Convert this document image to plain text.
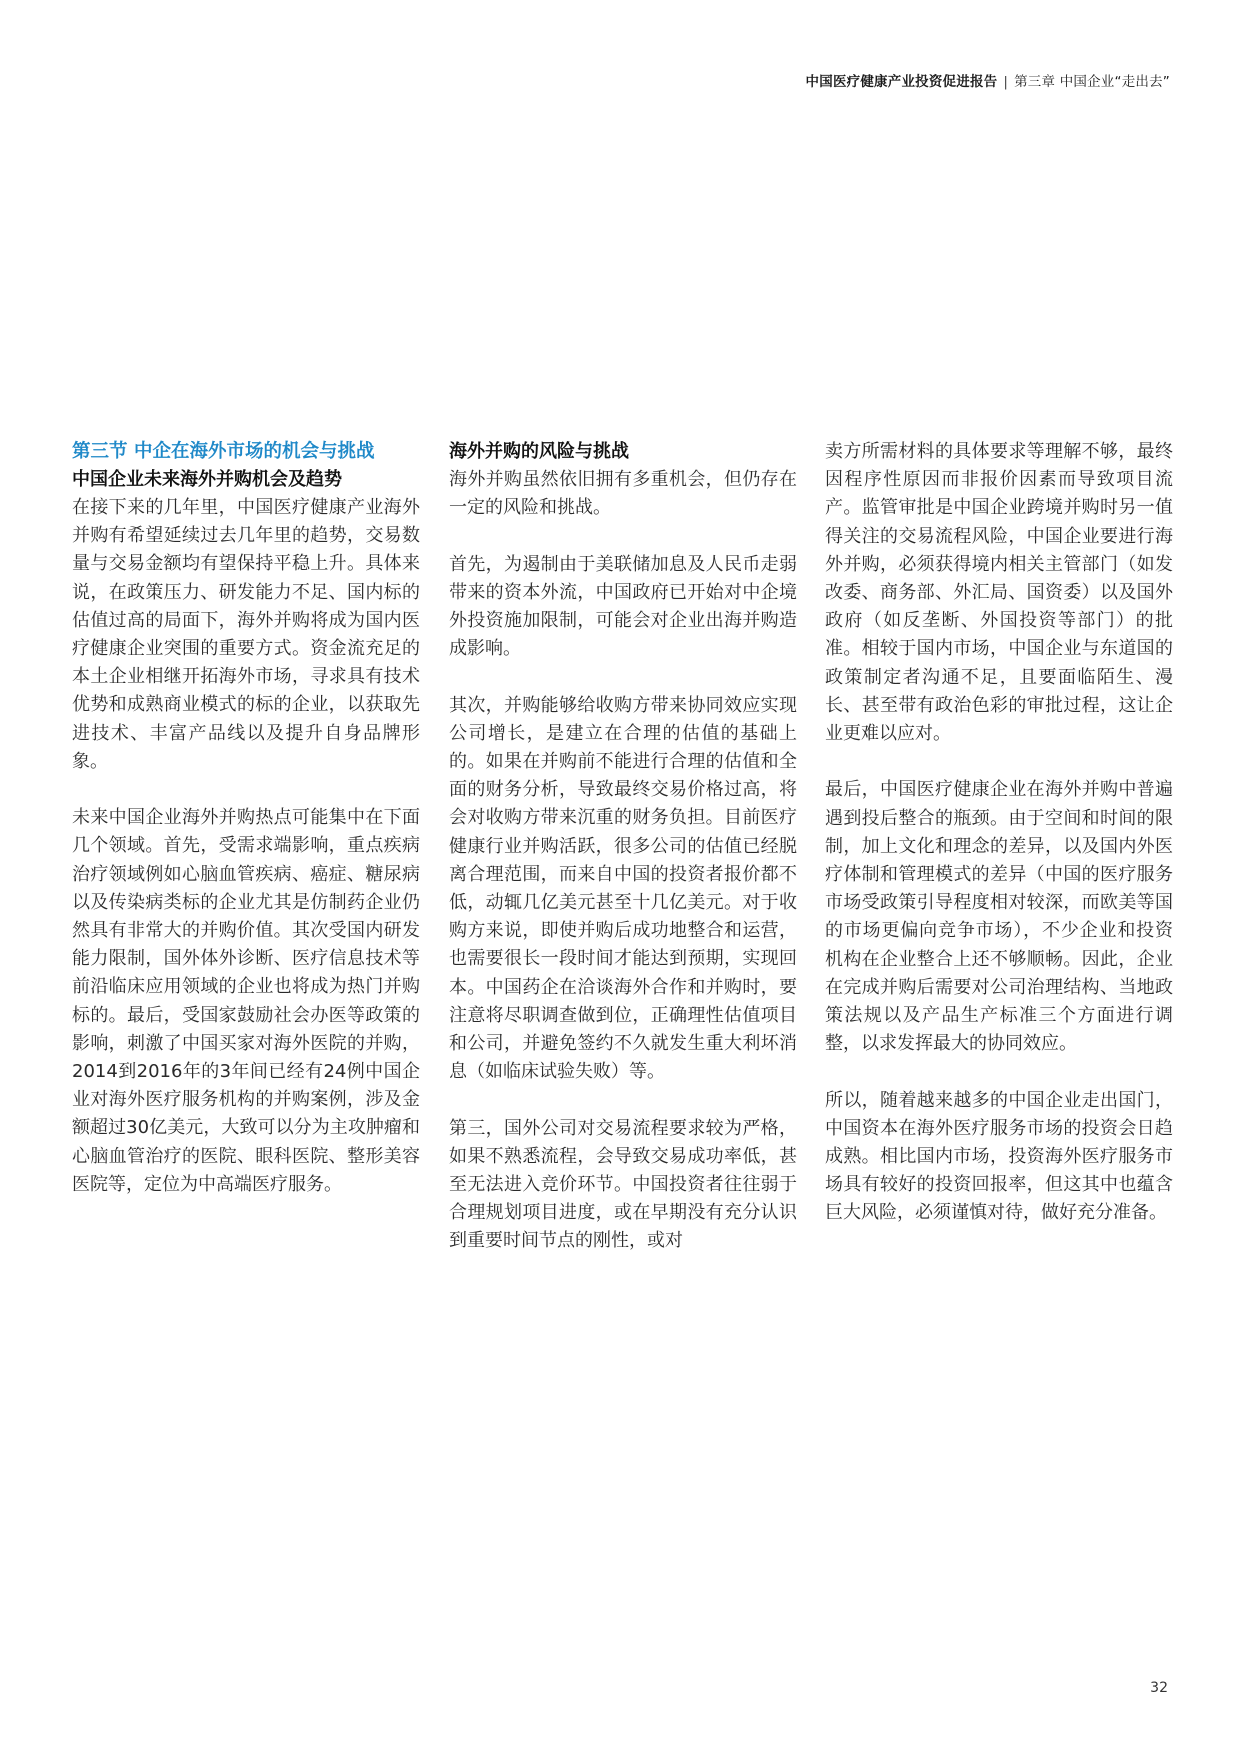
中国医疗健康产业投资促进报告 | 第三章 中国企业“走出去”
第三节 中企在海外市场的机会与挑战
中国企业未来海外并购机会及趋势

在接下来的几年里，中国医疗健康产业海外并购有希望延续过去几年里的趋势，交易数量与交易金额均有望保持平稳上升。具体来说，在政策压力、研发能力不足、国内标的估值过高的局面下，海外并购将成为国内医疗健康企业突围的重要方式。资金流充足的本土企业相继开拓海外市场，寻求具有技术优势和成熟商业模式的标的企业，以获取先进技术、丰富产品线以及提升自身品牌形象。

未来中国企业海外并购热点可能集中在下面几个领域。首先，受需求端影响，重点疾病治疗领域例如心脑血管疾病、癌症、糖尿病以及传染病类标的企业尤其是仿制药企业仍然具有非常大的并购价值。其次受国内研发能力限制，国外体外诊断、医疗信息技术等前沿临床应用领域的企业也将成为热门并购标的。最后，受国家鼓励社会办医等政策的影响，刺激了中国买家对海外医院的并购，2014到2016年的3年间已经有24例中国企业对海外医疗服务机构的并购案例，涉及金额超过30亿美元，大致可以分为主攻肿瘤和心脑血管治疗的医院、眼科医院、整形美容医院等，定位为中高端医疗服务。

海外并购的风险与挑战

海外并购虽然依旧拥有多重机会，但仍存在一定的风险和挑战。

首先，为遏制由于美联储加息及人民币走弱带来的资本外流，中国政府已开始对中企境外投资施加限制，可能会对企业出海并购造成影响。

其次，并购能够给收购方带来协同效应实现公司增长，是建立在合理的估值的基础上的。如果在并购前不能进行合理的估值和全面的财务分析，导致最终交易价格过高，将会对收购方带来沉重的财务负担。目前医疗健康行业并购活跃，很多公司的估值已经脱离合理范围，而来自中国的投资者报价都不低，动辄几亿美元甚至十几亿美元。对于收购方来说，即使并购后成功地整合和运营，也需要很长一段时间才能达到预期，实现回本。中国药企在洽谈海外合作和并购时，要注意将尽职调查做到位，正确理性估值项目和公司，并避免签约不久就发生重大利坏消息（如临床试验失败）等。

第三，国外公司对交易流程要求较为严格，如果不熟悉流程，会导致交易成功率低，甚至无法进入竞价环节。中国投资者往往弱于合理规划项目进度，或在早期没有充分认识到重要时间节点的刚性，或对

卖方所需材料的具体要求等理解不够，最终因程序性原因而非报价因素而导致项目流产。监管审批是中国企业跨境并购时另一值得关注的交易流程风险，中国企业要进行海外并购，必须获得境内相关主管部门（如发改委、商务部、外汇局、国资委）以及国外政府（如反垄断、外国投资等部门）的批准。相较于国内市场，中国企业与东道国的政策制定者沟通不足，且要面临陌生、漫长、甚至带有政治色彩的审批过程，这让企业更难以应对。

最后，中国医疗健康企业在海外并购中普遍遇到投后整合的瓶颈。由于空间和时间的限制，加上文化和理念的差异，以及国内外医疗体制和管理模式的差异（中国的医疗服务市场受政策引导程度相对较深，而欧美等国的市场更偏向竞争市场），不少企业和投资机构在企业整合上还不够顺畅。因此，企业在完成并购后需要对公司治理结构、当地政策法规以及产品生产标准三个方面进行调整，以求发挥最大的协同效应。

所以，随着越来越多的中国企业走出国门，中国资本在海外医疗服务市场的投资会日趋成熟。相比国内市场，投资海外医疗服务市场具有较好的投资回报率，但这其中也蕴含巨大风险，必须谨慎对待，做好充分准备。

32
